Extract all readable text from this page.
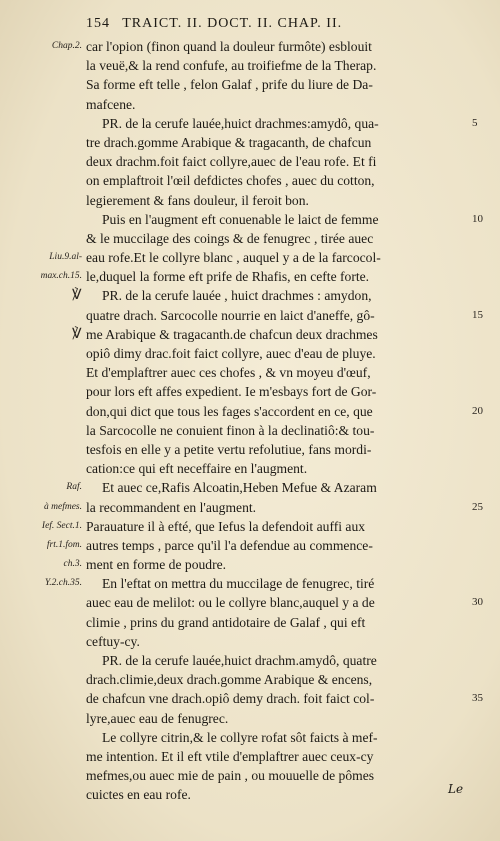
154 TRAICT. II. DOCT. II. CHAP. II.
car l'opion (finon quand la douleur furmôte) esblouit
Chap.2.
la veuë,& la rend confufe, au troifiefme de la Therap.
Sa forme eft telle , felon Galaf , prife du liure de Da-
mafcene.
PR. de la cerufe lauée,huict drachmes:amydô, qua-	5
tre drach.gomme Arabique & tragacanth, de chafcun
deux drachm.foit faict collyre,auec de l'eau rofe. Et fi
on emplaftroit l'œil defdictes chofes , auec du cotton,
legierement & fans douleur, il feroit bon.
Puis en l'augment eft conuenable le laict de femme	10
& le muccilage des coings & de fenugrec , tirée auec
eau rofe.Et le collyre blanc , auquel y a de la farcocol-
Liu.9.al-
le,duquel la forme eft prife de Rhafis, en cefte forte.
max.ch.15.
PR. de la cerufe lauée , huict drachmes : amydon,
℣
quatre drach. Sarcocolle nourrie en laict d'aneffe, gô-	15
me Arabique & tragacanth.de chafcun deux drachmes
℣
opiô dimy drac.foit faict collyre, auec d'eau de pluye.
Et d'emplaftrer auec ces chofes , & vn moyeu d'œuf,
pour lors eft affes expedient. Ie m'esbays fort de Gor-
don,qui dict que tous les fages s'accordent en ce, que	20
la Sarcocolle ne conuient finon à la declinatiô:& tou-
tesfois en elle y a petite vertu refolutiue, fans mordi-
cation:ce qui eft neceffaire en l'augment.
Et auec ce,Rafis Alcoatin,Heben Mefue & Azaram
Raf.
la recommandent en l'augment.
à mefmes.	25
Parauature il à efté, que Iefus la defendoit auffi aux
Ief. Sect.1.
autres temps , parce qu'il l'a defendue au commence-
frt.1.fom.
ment en forme de poudre.
ch.3.
En l'eftat on mettra du muccilage de fenugrec, tiré
Y.2.ch.35.
auec eau de melilot: ou le collyre blanc,auquel y a de	30
climie , prins du grand antidotaire de Galaf , qui eft
ceftuy-cy.
PR. de la cerufe lauée,huict drachm.amydô, quatre
drach.climie,deux drach.gomme Arabique & encens,
de chafcun vne drach.opiô demy drach. foit faict col-	35
lyre,auec eau de fenugrec.
Le collyre citrin,& le collyre rofat sôt faicts à mef-
me intention. Et il eft vtile d'emplaftrer auec ceux-cy
mefmes,ou auec mie de pain , ou mouuelle de pômes
cuictes en eau rofe.	Le
